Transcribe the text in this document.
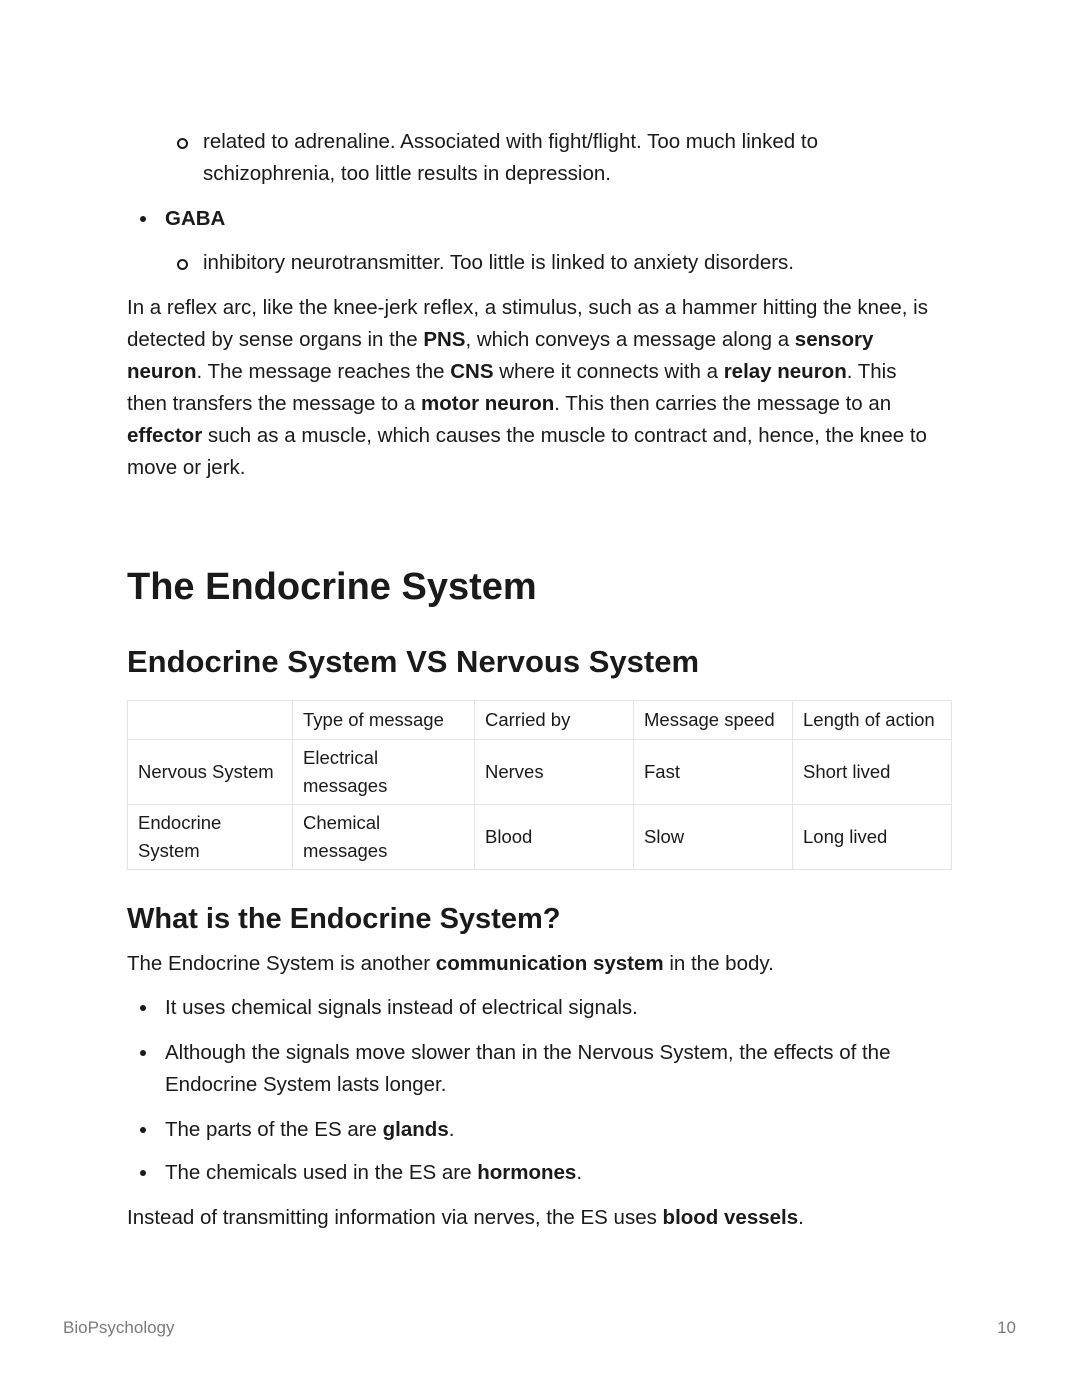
related to adrenaline. Associated with fight/flight. Too much linked to schizophrenia, too little results in depression.
GABA
inhibitory neurotransmitter. Too little is linked to anxiety disorders.
In a reflex arc, like the knee-jerk reflex, a stimulus, such as a hammer hitting the knee, is detected by sense organs in the PNS, which conveys a message along a sensory neuron. The message reaches the CNS where it connects with a relay neuron. This then transfers the message to a motor neuron. This then carries the message to an effector such as a muscle, which causes the muscle to contract and, hence, the knee to move or jerk.
The Endocrine System
Endocrine System VS Nervous System
	Type of message	Carried by	Message speed	Length of action
Nervous System	Electrical messages	Nerves	Fast	Short lived
Endocrine System	Chemical messages	Blood	Slow	Long lived
What is the Endocrine System?
The Endocrine System is another communication system in the body.
It uses chemical signals instead of electrical signals.
Although the signals move slower than in the Nervous System, the effects of the Endocrine System lasts longer.
The parts of the ES are glands.
The chemicals used in the ES are hormones.
Instead of transmitting information via nerves, the ES uses blood vessels.
BioPsychology	10
